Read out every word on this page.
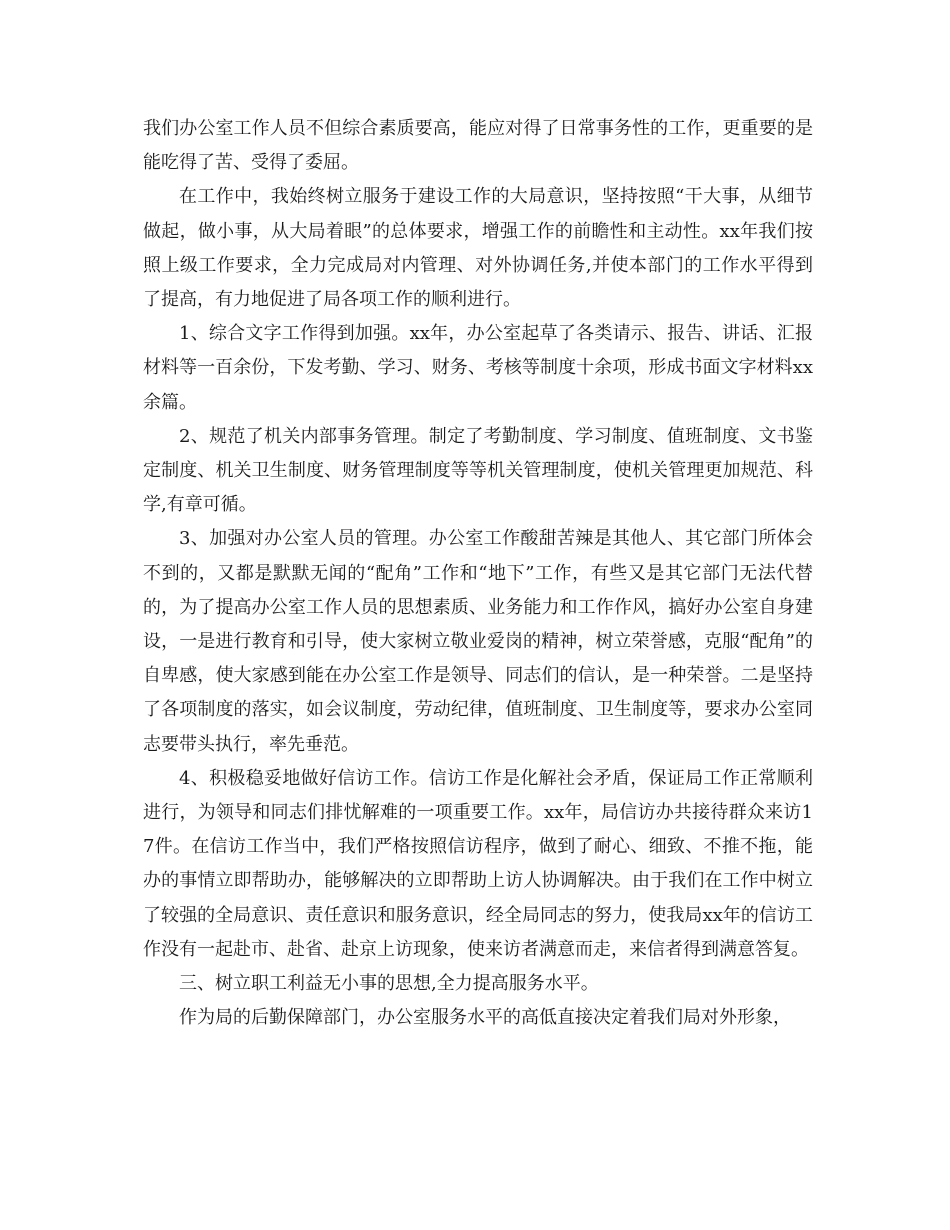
我们办公室工作人员不但综合素质要高，能应对得了日常事务性的工作，更重要的是能吃得了苦、受得了委屈。

在工作中，我始终树立服务于建设工作的大局意识，坚持按照“干大事，从细节做起，做小事，从大局着眼”的总体要求，增强工作的前瞻性和主动性。xx年我们按照上级工作要求，全力完成局对内管理、对外协调任务,并使本部门的工作水平得到了提高，有力地促进了局各项工作的顺利进行。

1、综合文字工作得到加强。xx年，办公室起草了各类请示、报告、讲话、汇报材料等一百余份，下发考勤、学习、财务、考核等制度十余项，形成书面文字材料xx余篇。

2、规范了机关内部事务管理。制定了考勤制度、学习制度、值班制度、文书鉴定制度、机关卫生制度、财务管理制度等等机关管理制度，使机关管理更加规范、科学,有章可循。

3、加强对办公室人员的管理。办公室工作酸甜苦辣是其他人、其它部门所体会不到的，又都是默默无闻的“配角”工作和“地下”工作，有些又是其它部门无法代替的，为了提高办公室工作人员的思想素质、业务能力和工作作风，搞好办公室自身建设，一是进行教育和引导，使大家树立敬业爱岗的精神，树立荣誉感，克服“配角”的自卑感，使大家感到能在办公室工作是领导、同志们的信认，是一种荣誉。二是坚持了各项制度的落实，如会议制度，劳动纪律，值班制度、卫生制度等，要求办公室同志要带头执行，率先垂范。

4、积极稳妥地做好信访工作。信访工作是化解社会矛盾，保证局工作正常顺利进行，为领导和同志们排忧解难的一项重要工作。xx年，局信访办共接待群众来访17件。在信访工作当中，我们严格按照信访程序，做到了耐心、细致、不推不拖，能办的事情立即帮助办，能够解决的立即帮助上访人协调解决。由于我们在工作中树立了较强的全局意识、责任意识和服务意识，经全局同志的努力，使我局xx年的信访工作没有一起赴市、赴省、赴京上访现象，使来访者满意而走，来信者得到满意答复。

三、树立职工利益无小事的思想,全力提高服务水平。

作为局的后勤保障部门，办公室服务水平的高低直接决定着我们局对外形象，
